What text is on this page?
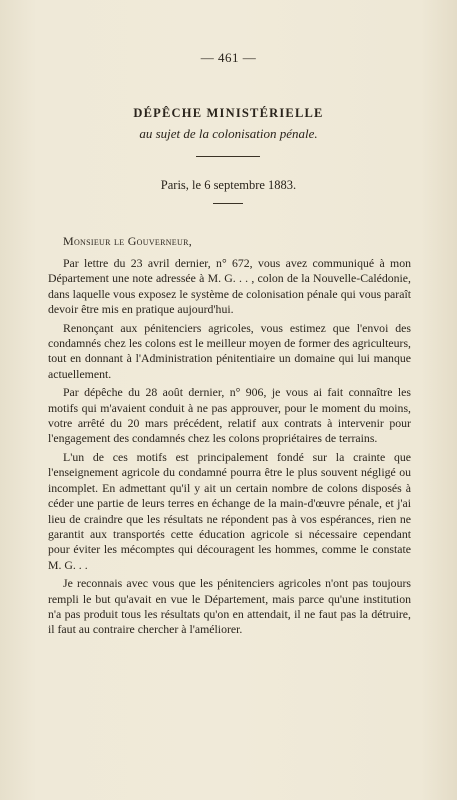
— 461 —
DÉPÊCHE MINISTÉRIELLE
au sujet de la colonisation pénale.
Paris, le 6 septembre 1883.
Monsieur le Gouverneur,

Par lettre du 23 avril dernier, n° 672, vous avez communiqué à mon Département une note adressée à M. G. . . , colon de la Nouvelle-Calédonie, dans laquelle vous exposez le système de colonisation pénale qui vous paraît devoir être mis en pratique aujourd'hui.

Renonçant aux pénitenciers agricoles, vous estimez que l'envoi des condamnés chez les colons est le meilleur moyen de former des agriculteurs, tout en donnant à l'Administration pénitentiaire un domaine qui lui manque actuellement.

Par dépêche du 28 août dernier, n° 906, je vous ai fait connaître les motifs qui m'avaient conduit à ne pas approuver, pour le moment du moins, votre arrêté du 20 mars précédent, relatif aux contrats à intervenir pour l'engagement des condamnés chez les colons propriétaires de terrains.

L'un de ces motifs est principalement fondé sur la crainte que l'enseignement agricole du condamné pourra être le plus souvent négligé ou incomplet. En admettant qu'il y ait un certain nombre de colons disposés à céder une partie de leurs terres en échange de la main-d'œuvre pénale, et j'ai lieu de craindre que les résultats ne répondent pas à vos espérances, rien ne garantit aux transportés cette éducation agricole si nécessaire cependant pour éviter les mécomptes qui découragent les hommes, comme le constate M. G. . .

Je reconnais avec vous que les pénitenciers agricoles n'ont pas toujours rempli le but qu'avait en vue le Département, mais parce qu'une institution n'a pas produit tous les résultats qu'on en attendait, il ne faut pas la détruire, il faut au contraire chercher à l'améliorer.
